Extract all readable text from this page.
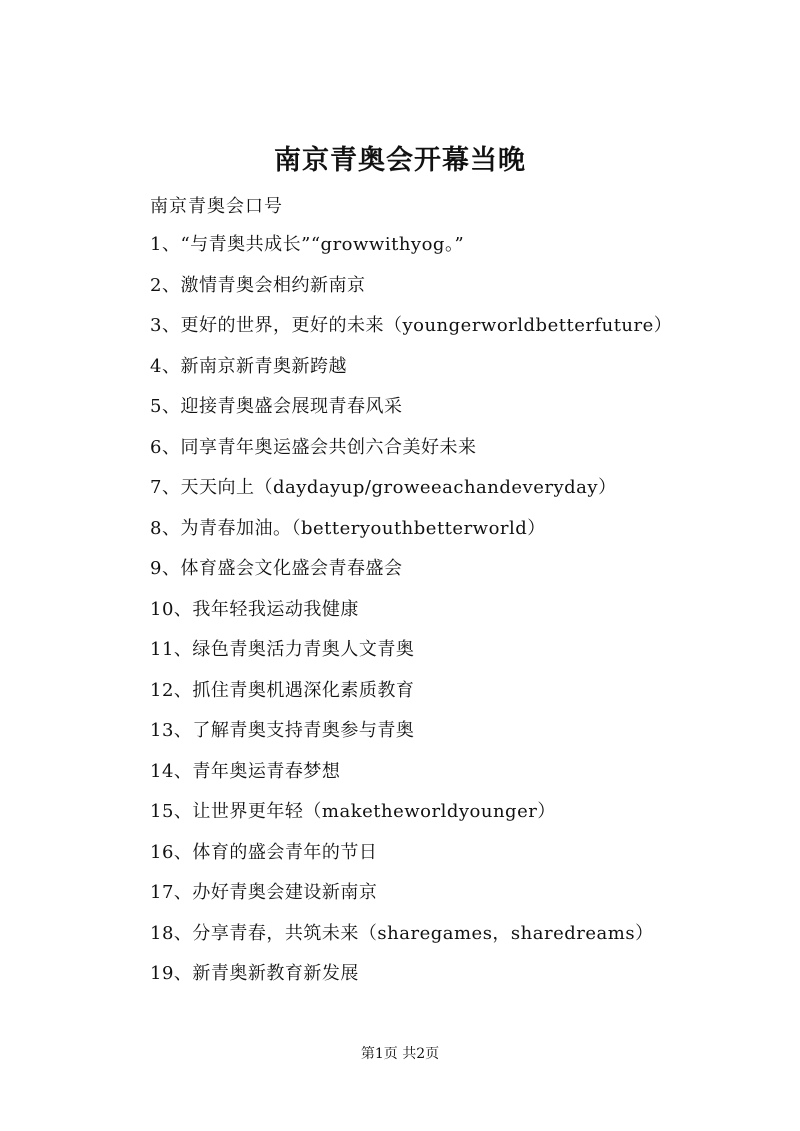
南京青奥会开幕当晚
南京青奥会口号
1、“与青奥共成长”“growwithyog。”
2、激情青奥会相约新南京
3、更好的世界，更好的未来（youngerworldbetterfuture）
4、新南京新青奥新跨越
5、迎接青奥盛会展现青春风采
6、同享青年奥运盛会共创六合美好未来
7、天天向上（daydayup/groweeachandeveryday）
8、为青春加油。（betteryouthbetterworld）
9、体育盛会文化盛会青春盛会
10、我年轻我运动我健康
11、绿色青奥活力青奥人文青奥
12、抓住青奥机遇深化素质教育
13、了解青奥支持青奥参与青奥
14、青年奥运青春梦想
15、让世界更年轻（maketheworldyounger）
16、体育的盛会青年的节日
17、办好青奥会建设新南京
18、分享青春，共筑未来（sharegames，sharedreams）
19、新青奥新教育新发展
第1页 共2页
